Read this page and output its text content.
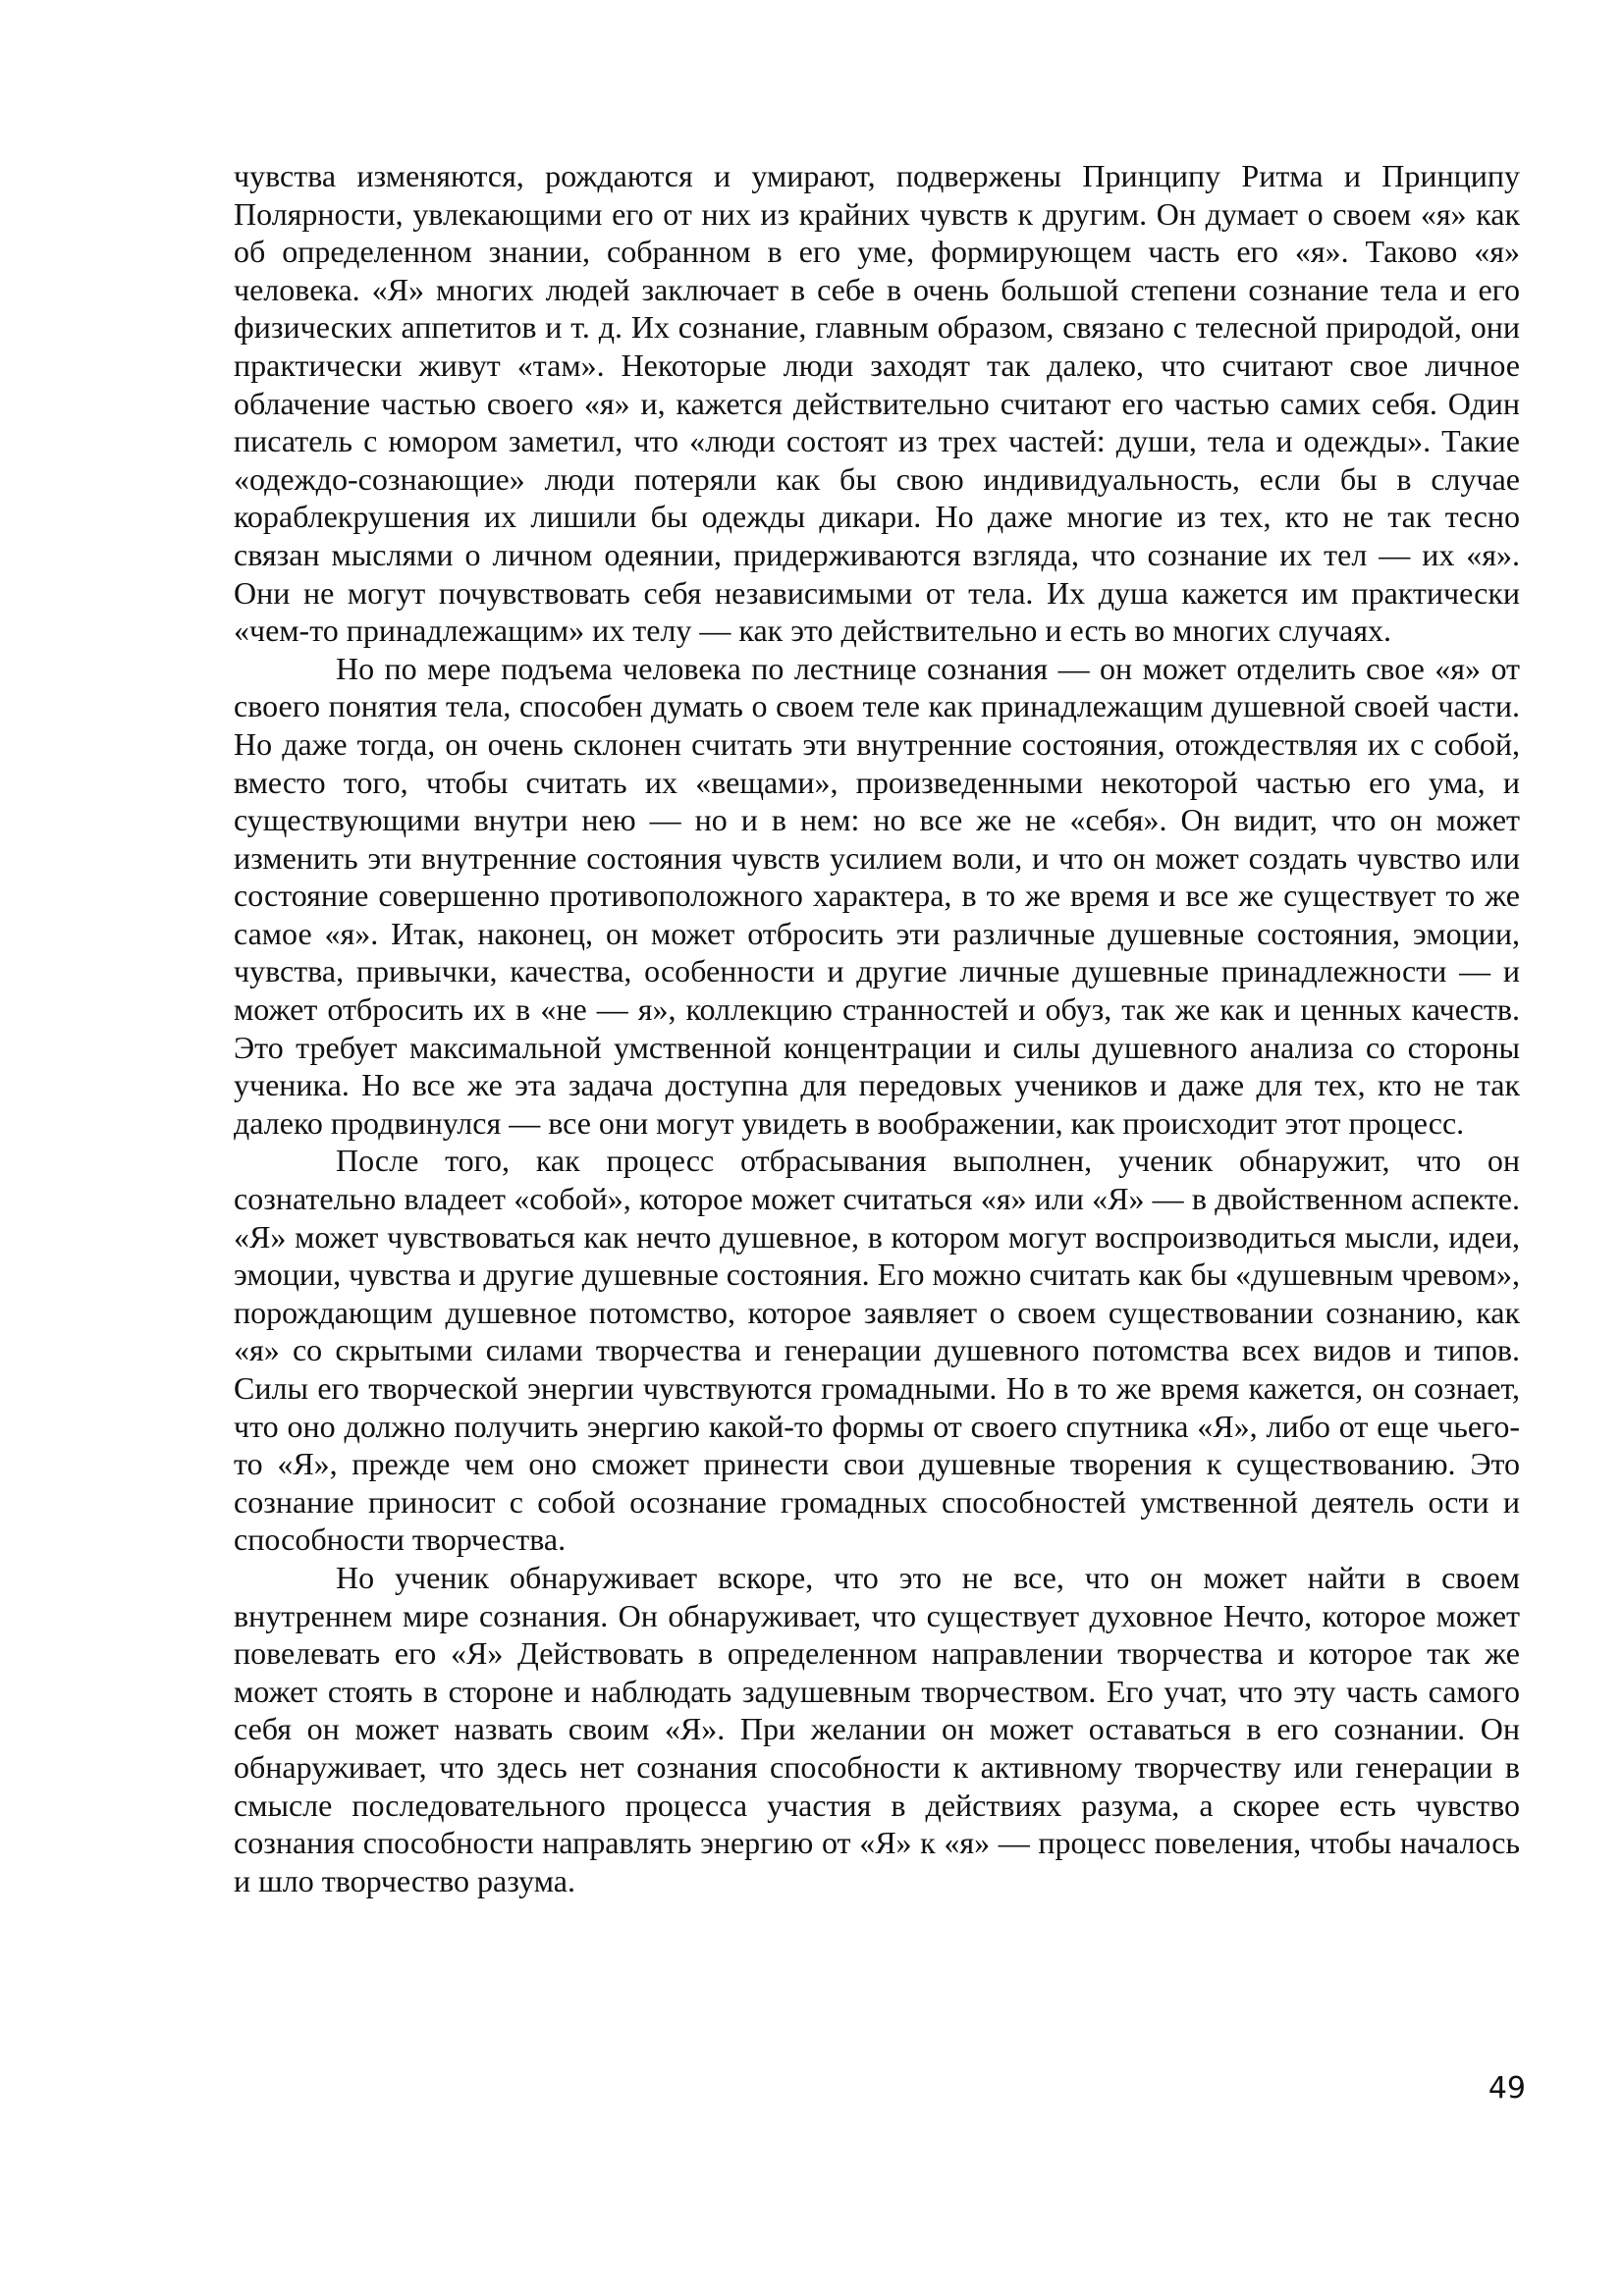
чувства изменяются, рождаются и умирают, подвержены Принципу Ритма и Принципу Полярности, увлекающими его от них из крайних чувств к другим. Он думает о своем «я» как об определенном знании, собранном в его уме, формирующем часть его «я». Таково «я» человека. «Я» многих людей заключает в себе в очень большой степени сознание тела и его физических аппетитов и т. д. Их сознание, главным образом, связано с телесной природой, они практически живут «там». Некоторые люди заходят так далеко, что считают свое личное облачение частью своего «я» и, кажется действительно считают его частью самих себя. Один писатель с юмором заметил, что «люди состоят из трех частей: души, тела и одежды». Такие «одеждо-сознающие» люди потеряли как бы свою индивидуальность, если бы в случае кораблекрушения их лишили бы одежды дикари. Но даже многие из тех, кто не так тесно связан мыслями о личном одеянии, придерживаются взгляда, что сознание их тел — их «я». Они не могут почувствовать себя независимыми от тела. Их душа кажется им практически «чем-то принадлежащим» их телу — как это действительно и есть во многих случаях.

Но по мере подъема человека по лестнице сознания — он может отделить свое «я» от своего понятия тела, способен думать о своем теле как принадлежащим душевной своей части. Но даже тогда, он очень склонен считать эти внутренние состояния, отождествляя их с собой, вместо того, чтобы считать их «вещами», произведенными некоторой частью его ума, и существующими внутри нею — но и в нем: но все же не «себя». Он видит, что он может изменить эти внутренние состояния чувств усилием воли, и что он может создать чувство или состояние совершенно противоположного характера, в то же время и все же существует то же самое «я». Итак, наконец, он может отбросить эти различные душевные состояния, эмоции, чувства, привычки, качества, особенности и другие личные душевные принадлежности — и может отбросить их в «не — я», коллекцию странностей и обуз, так же как и ценных качеств. Это требует максимальной умственной концентрации и силы душевного анализа со стороны ученика. Но все же эта задача доступна для передовых учеников и даже для тех, кто не так далеко продвинулся — все они могут увидеть в воображении, как происходит этот процесс.

После того, как процесс отбрасывания выполнен, ученик обнаружит, что он сознательно владеет «собой», которое может считаться «я» или «Я» — в двойственном аспекте. «Я» может чувствоваться как нечто душевное, в котором могут воспроизводиться мысли, идеи, эмоции, чувства и другие душевные состояния. Его можно считать как бы «душевным чревом», порождающим душевное потомство, которое заявляет о своем существовании сознанию, как «я» со скрытыми силами творчества и генерации душевного потомства всех видов и типов. Силы его творческой энергии чувствуются громадными. Но в то же время кажется, он сознает, что оно должно получить энергию какой-то формы от своего спутника «Я», либо от еще чьего-то «Я», прежде чем оно сможет принести свои душевные творения к существованию. Это сознание приносит с собой осознание громадных способностей умственной деятель ости и способности творчества.

Но ученик обнаруживает вскоре, что это не все, что он может найти в своем внутреннем мире сознания. Он обнаруживает, что существует духовное Нечто, которое может повелевать его «Я» Действовать в определенном направлении творчества и которое так же может стоять в стороне и наблюдать задушевным творчеством. Его учат, что эту часть самого себя он может назвать своим «Я». При желании он может оставаться в его сознании. Он обнаруживает, что здесь нет сознания способности к активному творчеству или генерации в смысле последовательного процесса участия в действиях разума, а скорее есть чувство сознания способности направлять энергию от «Я» к «я» — процесс повеления, чтобы началось и шло творчество разума.

49
